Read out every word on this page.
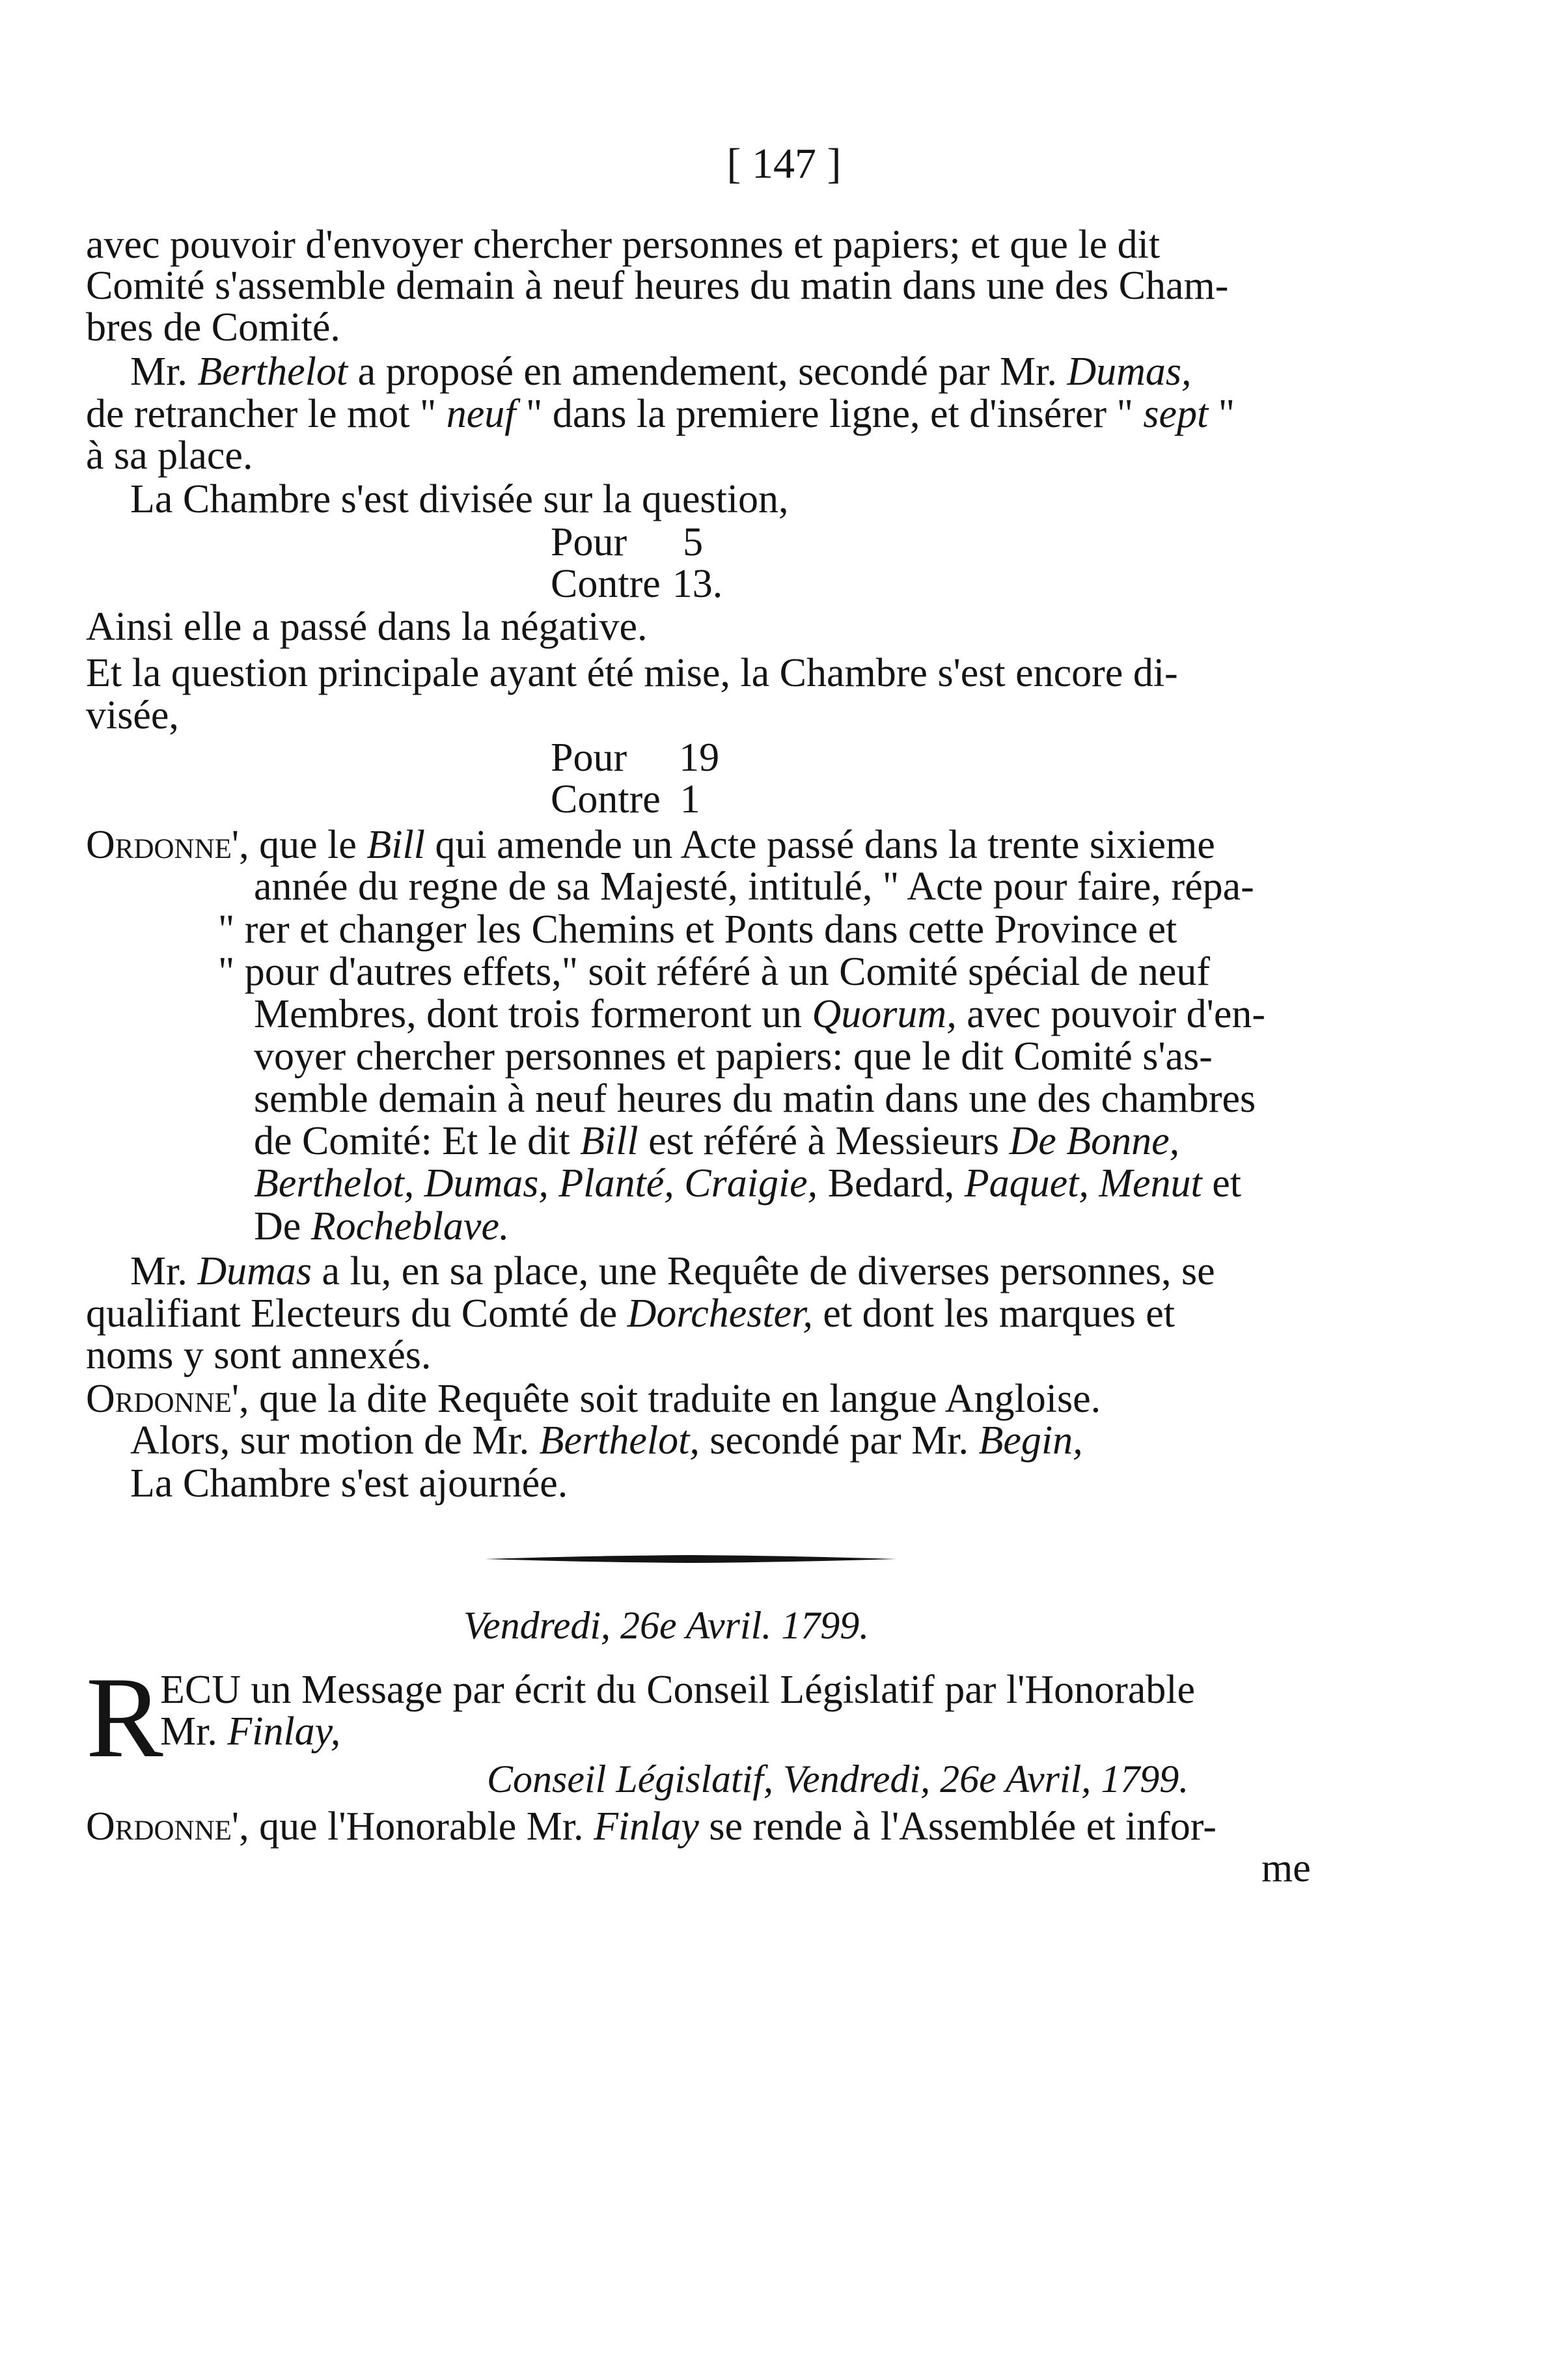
[ 147 ]
avec pouvoir d'envoyer chercher personnes et papiers; et que le dit
Comité s'assemble demain à neuf heures du matin dans une des Cham-
bres de Comité.
Mr. Berthelot a proposé en amendement, secondé par Mr. Dumas,
de retrancher le mot " neuf " dans la premiere ligne, et d'insérer " sept "
à sa place.
La Chambre s'est divisée sur la question,
Pour 5
Contre 13.
Ainsi elle a passé dans la négative.
Et la question principale ayant été mise, la Chambre s'est encore di-
visée,
Pour 19
Contre 1
Ordonne', que le Bill qui amende un Acte passé dans la trente sixieme
année du regne de sa Majesté, intitulé, " Acte pour faire, répa-
" rer et changer les Chemins et Ponts dans cette Province et
" pour d'autres effets," soit référé à un Comité spécial de neuf
Membres, dont trois formeront un Quorum, avec pouvoir d'en-
voyer chercher personnes et papiers: que le dit Comité s'as-
semble demain à neuf heures du matin dans une des chambres
de Comité: Et le dit Bill est référé à Messieurs De Bonne,
Berthelot, Dumas, Planté, Craigie, Bedard, Paquet, Menut et
De Rocheblave.
Mr. Dumas a lu, en sa place, une Requête de diverses personnes, se
qualifiant Electeurs du Comté de Dorchester, et dont les marques et
noms y sont annexés.
Ordonne', que la dite Requête soit traduite en langue Angloise.
Alors, sur motion de Mr. Berthelot, secondé par Mr. Begin,
La Chambre s'est ajournée.
Vendredi, 26e Avril. 1799.
R
ECU un Message par écrit du Conseil Législatif par l'Honorable
Mr. Finlay,
Conseil Législatif, Vendredi, 26e Avril, 1799.
Ordonne', que l'Honorable Mr. Finlay se rende à l'Assemblée et infor-
me
